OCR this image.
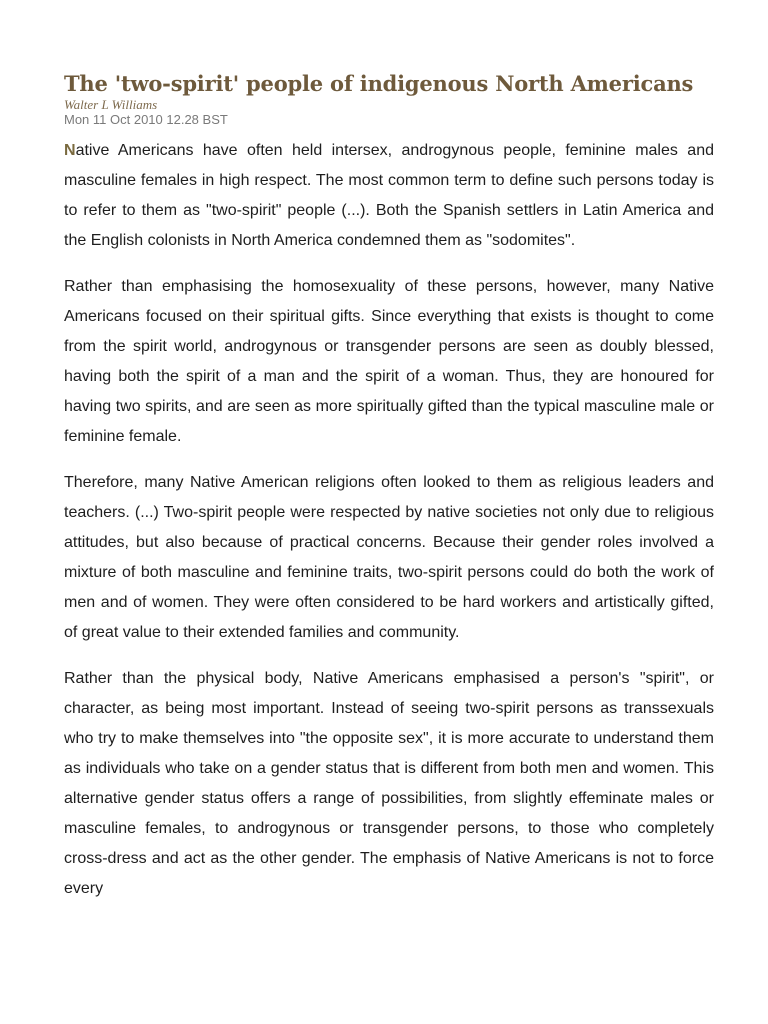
The 'two-spirit' people of indigenous North Americans

Walter L Williams

Mon 11 Oct 2010 12.28 BST

Native Americans have often held intersex, androgynous people, feminine males and masculine females in high respect. The most common term to define such persons today is to refer to them as "two-spirit" people (...). Both the Spanish settlers in Latin America and the English colonists in North America condemned them as "sodomites".

Rather than emphasising the homosexuality of these persons, however, many Native Americans focused on their spiritual gifts. Since everything that exists is thought to come from the spirit world, androgynous or transgender persons are seen as doubly blessed, having both the spirit of a man and the spirit of a woman. Thus, they are honoured for having two spirits, and are seen as more spiritually gifted than the typical masculine male or feminine female.

Therefore, many Native American religions often looked to them as religious leaders and teachers. (...) Two-spirit people were respected by native societies not only due to religious attitudes, but also because of practical concerns. Because their gender roles involved a mixture of both masculine and feminine traits, two-spirit persons could do both the work of men and of women. They were often considered to be hard workers and artistically gifted, of great value to their extended families and community.

Rather than the physical body, Native Americans emphasised a person's "spirit", or character, as being most important. Instead of seeing two-spirit persons as transsexuals who try to make themselves into "the opposite sex", it is more accurate to understand them as individuals who take on a gender status that is different from both men and women. This alternative gender status offers a range of possibilities, from slightly effeminate males or masculine females, to androgynous or transgender persons, to those who completely cross-dress and act as the other gender. The emphasis of Native Americans is not to force every
